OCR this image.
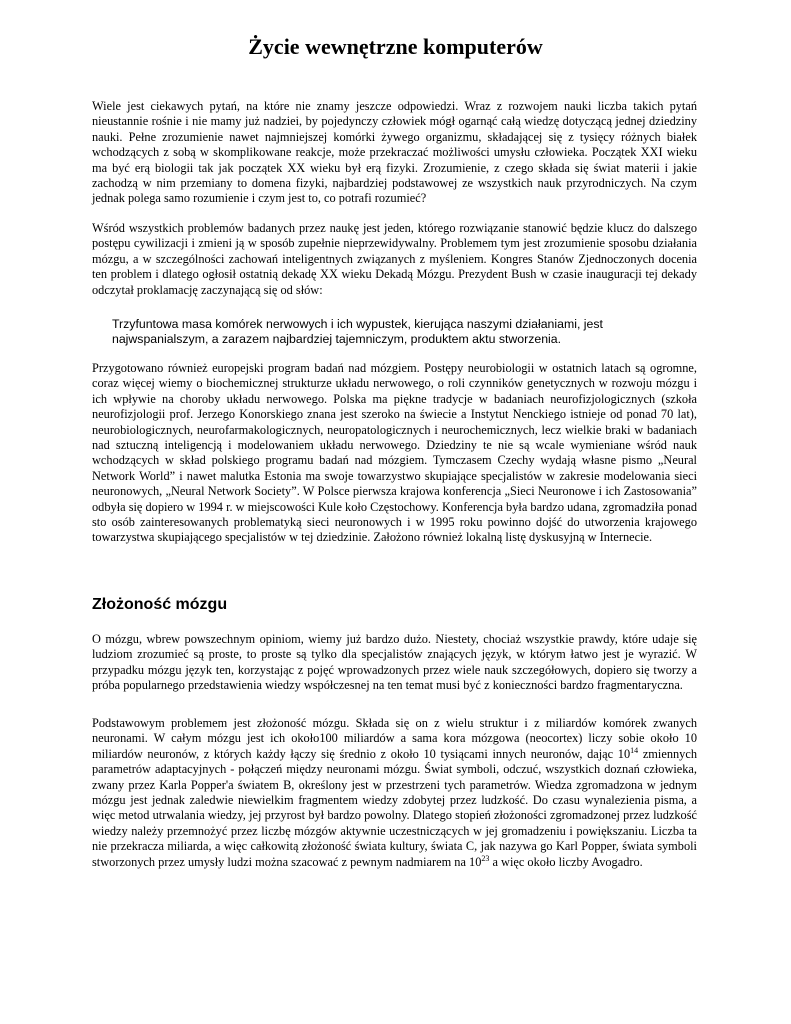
Życie wewnętrzne komputerów

Wiele jest ciekawych pytań, na które nie znamy jeszcze odpowiedzi. Wraz z rozwojem nauki liczba takich pytań nieustannie rośnie i nie mamy już nadziei, by pojedynczy człowiek mógł ogarnąć całą wiedzę dotyczącą jednej dziedziny nauki. Pełne zrozumienie nawet najmniejszej komórki żywego organizmu, składającej się z tysięcy różnych białek wchodzących z sobą w skomplikowane reakcje, może przekraczać możliwości umysłu człowieka. Początek XXI wieku ma być erą biologii tak jak początek XX wieku był erą fizyki. Zrozumienie, z czego składa się świat materii i jakie zachodzą w nim przemiany to domena fizyki, najbardziej podstawowej ze wszystkich nauk przyrodniczych. Na czym jednak polega samo rozumienie i czym jest to, co potrafi rozumieć?

Wśród wszystkich problemów badanych przez naukę jest jeden, którego rozwiązanie stanowić będzie klucz do dalszego postępu cywilizacji i zmieni ją w sposób zupełnie nieprzewidywalny. Problemem tym jest zrozumienie sposobu działania mózgu, a w szczególności zachowań inteligentnych związanych z myśleniem. Kongres Stanów Zjednoczonych docenia ten problem i dlatego ogłosił ostatnią dekadę XX wieku Dekadą Mózgu. Prezydent Bush w czasie inauguracji tej dekady odczytał proklamację zaczynającą się od słów:

Trzyfuntowa masa komórek nerwowych i ich wypustek, kierująca naszymi działaniami, jest najwspanialszym, a zarazem najbardziej tajemniczym, produktem aktu stworzenia.

Przygotowano również europejski program badań nad mózgiem. Postępy neurobiologii w ostatnich latach są ogromne, coraz więcej wiemy o biochemicznej strukturze układu nerwowego, o roli czynników genetycznych w rozwoju mózgu i ich wpływie na choroby układu nerwowego. Polska ma piękne tradycje w badaniach neurofizjologicznych (szkoła neurofizjologii prof. Jerzego Konorskiego znana jest szeroko na świecie a Instytut Nenckiego istnieje od ponad 70 lat), neurobiologicznych, neurofarmakologicznych, neuropatologicznych i neurochemicznych, lecz wielkie braki w badaniach nad sztuczną inteligencją i modelowaniem układu nerwowego. Dziedziny te nie są wcale wymieniane wśród nauk wchodzących w skład polskiego programu badań nad mózgiem. Tymczasem Czechy wydają własne pismo „Neural Network World” i nawet malutka Estonia ma swoje towarzystwo skupiające specjalistów w zakresie modelowania sieci neuronowych, „Neural Network Society”. W Polsce pierwsza krajowa konferencja „Sieci Neuronowe i ich Zastosowania” odbyła się dopiero w 1994 r. w miejscowości Kule koło Częstochowy. Konferencja była bardzo udana, zgromadziła ponad sto osób zainteresowanych problematyką sieci neuronowych i w 1995 roku powinno dojść do utworzenia krajowego towarzystwa skupiającego specjalistów w tej dziedzinie. Założono również lokalną listę dyskusyjną w Internecie.

Złożoność mózgu

O mózgu, wbrew powszechnym opiniom, wiemy już bardzo dużo. Niestety, chociaż wszystkie prawdy, które udaje się ludziom zrozumieć są proste, to proste są tylko dla specjalistów znających język, w którym łatwo jest je wyrazić. W przypadku mózgu język ten, korzystając z pojęć wprowadzonych przez wiele nauk szczegółowych, dopiero się tworzy a próba popularnego przedstawienia wiedzy współczesnej na ten temat musi być z konieczności bardzo fragmentaryczna.

Podstawowym problemem jest złożoność mózgu. Składa się on z wielu struktur i z miliardów komórek zwanych neuronami. W całym mózgu jest ich około100 miliardów a sama kora mózgowa (neocortex) liczy sobie około 10 miliardów neuronów, z których każdy łączy się średnio z około 10 tysiącami innych neuronów, dając $10^{14}$ zmiennych parametrów adaptacyjnych - połączeń między neuronami mózgu. Świat symboli, odczuć, wszystkich doznań człowieka, zwany przez Karla Popper'a światem B, określony jest w przestrzeni tych parametrów. Wiedza zgromadzona w jednym mózgu jest jednak zaledwie niewielkim fragmentem wiedzy zdobytej przez ludzkość. Do czasu wynalezienia pisma, a więc metod utrwalania wiedzy, jej przyrost był bardzo powolny. Dlatego stopień złożoności zgromadzonej przez ludzkość wiedzy należy przemnożyć przez liczbę mózgów aktywnie uczestniczących w jej gromadzeniu i powiększaniu. Liczba ta nie przekracza miliarda, a więc całkowitą złożoność świata kultury, świata C, jak nazywa go Karl Popper, świata symboli stworzonych przez umysły ludzi można szacować z pewnym nadmiarem na $10^{23}$ a więc około liczby Avogadro.
